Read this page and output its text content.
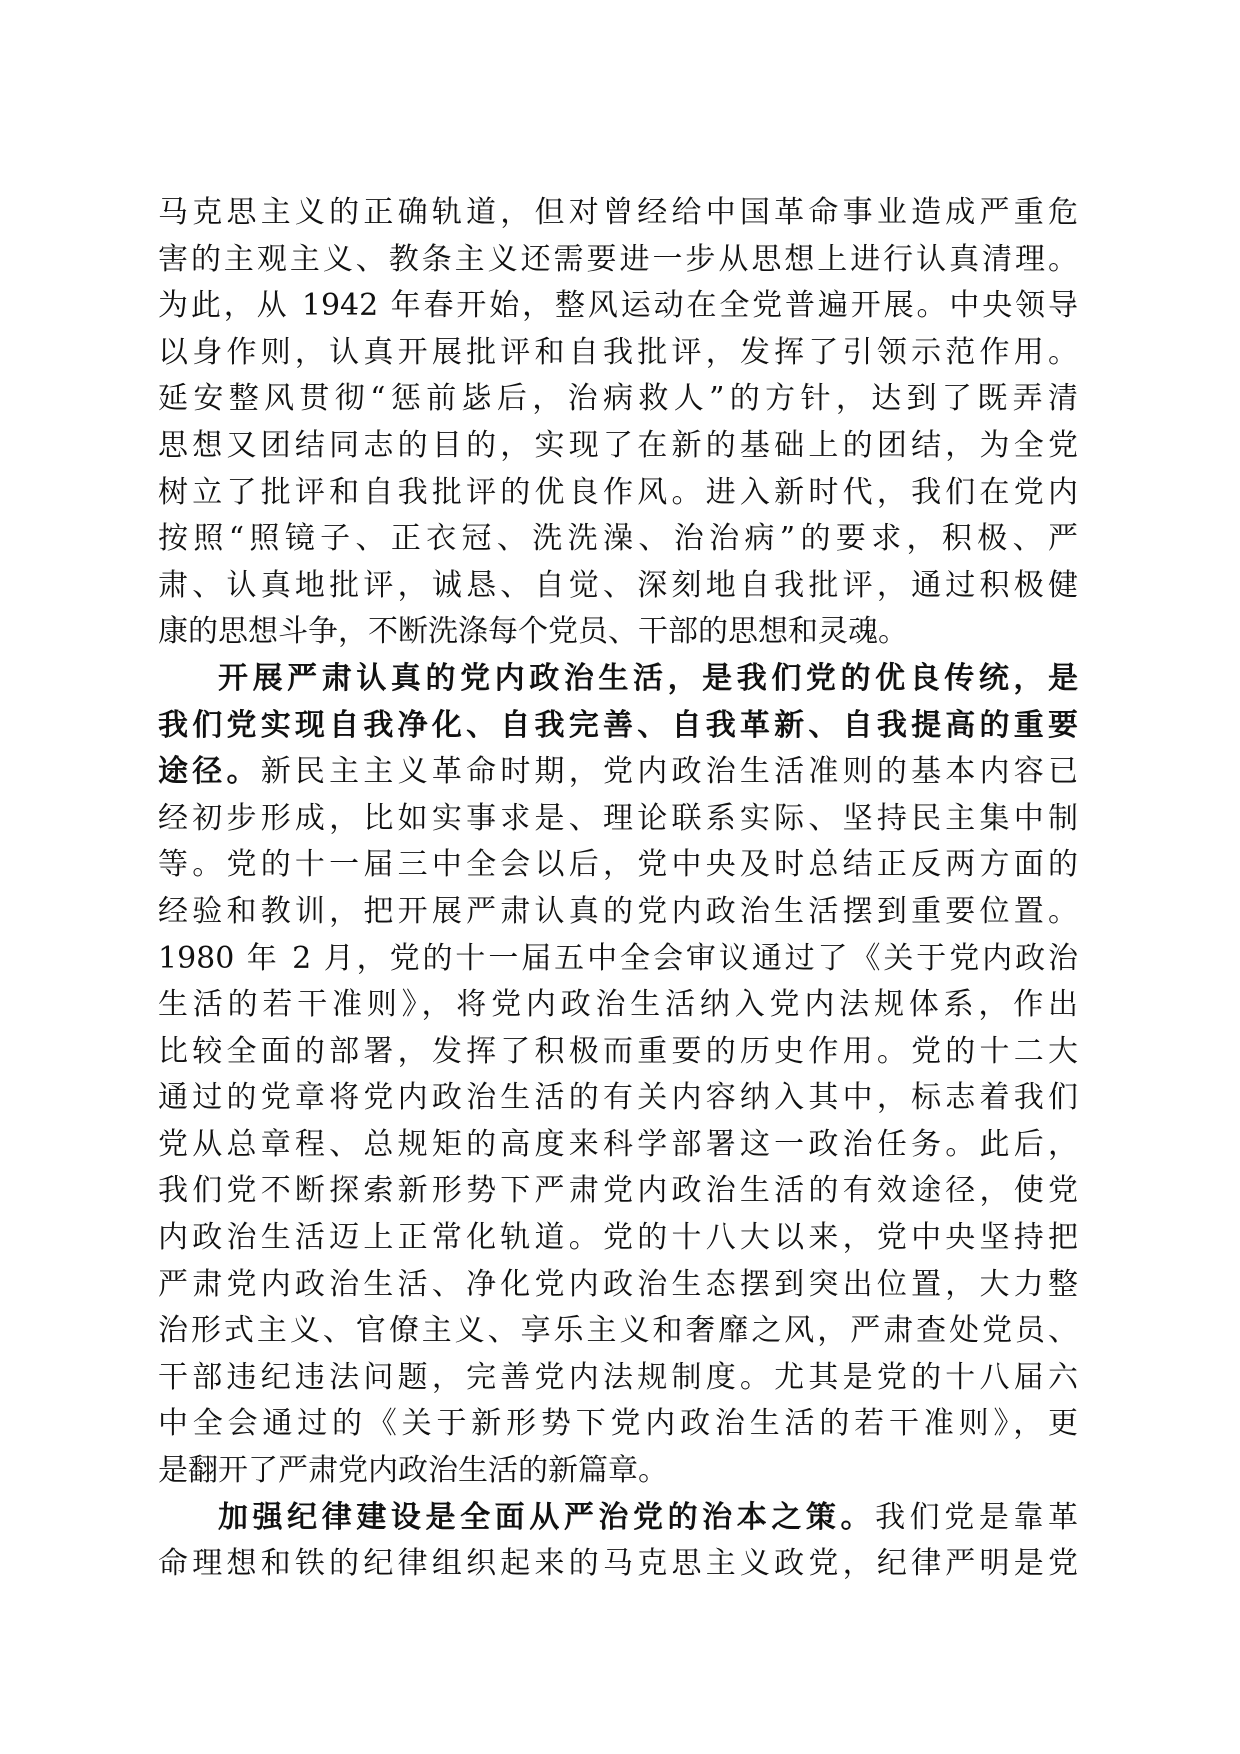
马克思主义的正确轨道，但对曾经给中国革命事业造成严重危
害的主观主义、教条主义还需要进一步从思想上进行认真清理。
为此，从 1942 年春开始，整风运动在全党普遍开展。中央领导
以身作则，认真开展批评和自我批评，发挥了引领示范作用。
延安整风贯彻“惩前毖后，治病救人”的方针，达到了既弄清
思想又团结同志的目的，实现了在新的基础上的团结，为全党
树立了批评和自我批评的优良作风。进入新时代，我们在党内
按照“照镜子、正衣冠、洗洗澡、治治病”的要求，积极、严
肃、认真地批评，诚恳、自觉、深刻地自我批评，通过积极健
康的思想斗争，不断洗涤每个党员、干部的思想和灵魂。
开展严肃认真的党内政治生活，是我们党的优良传统，是
我们党实现自我净化、自我完善、自我革新、自我提高的重要
途径。新民主主义革命时期，党内政治生活准则的基本内容已
经初步形成，比如实事求是、理论联系实际、坚持民主集中制
等。党的十一届三中全会以后，党中央及时总结正反两方面的
经验和教训，把开展严肃认真的党内政治生活摆到重要位置。
1980 年 2 月，党的十一届五中全会审议通过了《关于党内政治
生活的若干准则》，将党内政治生活纳入党内法规体系，作出
比较全面的部署，发挥了积极而重要的历史作用。党的十二大
通过的党章将党内政治生活的有关内容纳入其中，标志着我们
党从总章程、总规矩的高度来科学部署这一政治任务。此后，
我们党不断探索新形势下严肃党内政治生活的有效途径，使党
内政治生活迈上正常化轨道。党的十八大以来，党中央坚持把
严肃党内政治生活、净化党内政治生态摆到突出位置，大力整
治形式主义、官僚主义、享乐主义和奢靡之风，严肃查处党员、
干部违纪违法问题，完善党内法规制度。尤其是党的十八届六
中全会通过的《关于新形势下党内政治生活的若干准则》，更
是翻开了严肃党内政治生活的新篇章。
加强纪律建设是全面从严治党的治本之策。我们党是靠革
命理想和铁的纪律组织起来的马克思主义政党，纪律严明是党
